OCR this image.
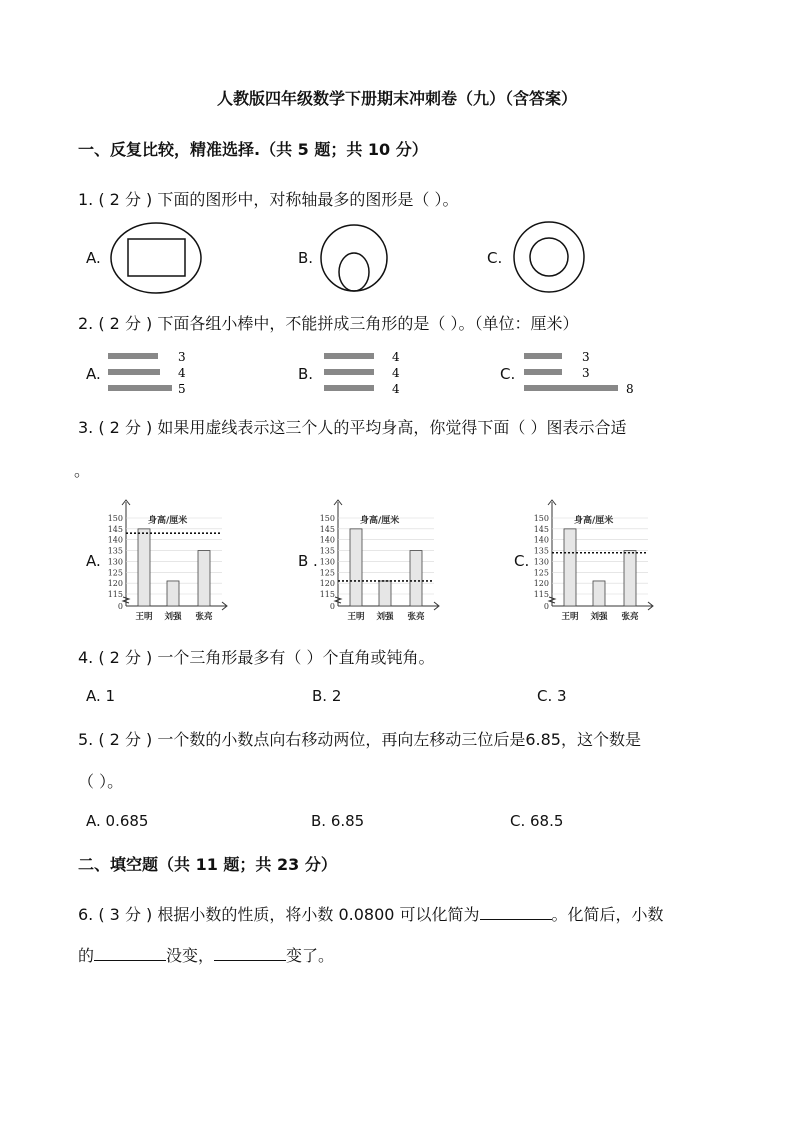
人教版四年级数学下册期末冲刺卷（九）（含答案）
一、反复比较，精准选择.（共 5 题；共 10 分）
1. ( 2 分 ) 下面的图形中，对称轴最多的图形是（ ）。
A.	B.	C.
2. ( 2 分 ) 下面各组小棒中，不能拼成三角形的是（ ）。（单位：厘米）
A.	B.	C.
3
4
5
4
4
4
3
3
8
3. ( 2 分 ) 如果用虚线表示这三个人的平均身高，你觉得下面（ ）图表示合适
。
A.	B .	C.
0
115
120
125
130
135
140
145
150	身高/厘米
王明 刘强 张亮
0
115
120
125
130
135
140
145
150	身高/厘米
王明 刘强 张亮
0
115
120
125
130
135
140
145
150	身高/厘米
王明 刘强 张亮
4. ( 2 分 ) 一个三角形最多有（ ）个直角或钝角。
A. 1	B. 2	C. 3
5. ( 2 分 ) 一个数的小数点向右移动两位，再向左移动三位后是6.85，这个数是
（ ）。
A. 0.685	B. 6.85	C. 68.5
二、填空题（共 11 题；共 23 分）
6. ( 3 分 ) 根据小数的性质，将小数 0.0800 可以化简为	。化简后，小数
的	没变，	变了。
